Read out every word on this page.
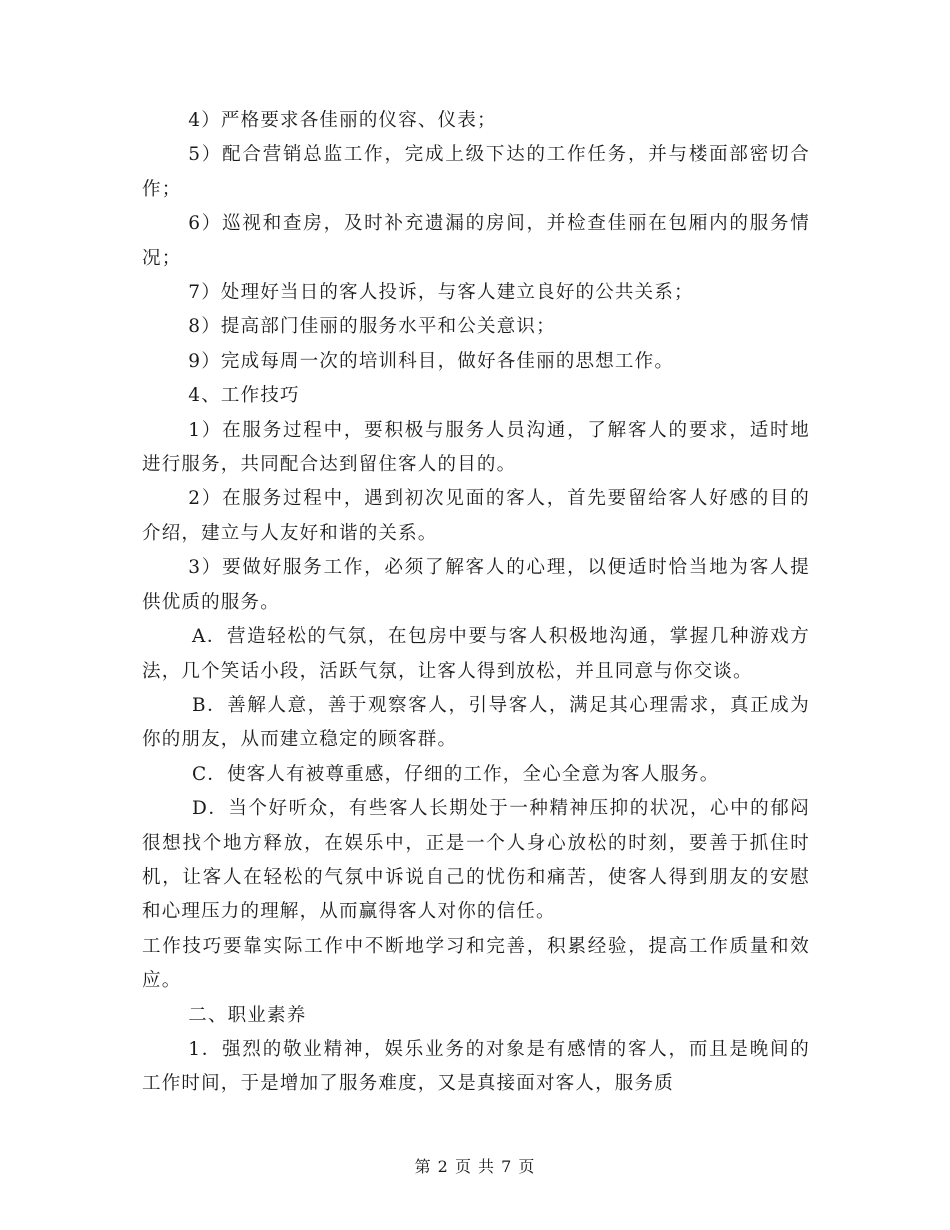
4）严格要求各佳丽的仪容、仪表；

5）配合营销总监工作，完成上级下达的工作任务，并与楼面部密切合作；

6）巡视和查房，及时补充遗漏的房间，并检查佳丽在包厢内的服务情况；

7）处理好当日的客人投诉，与客人建立良好的公共关系；

8）提高部门佳丽的服务水平和公关意识；

9）完成每周一次的培训科目，做好各佳丽的思想工作。

4、工作技巧

1）在服务过程中，要积极与服务人员沟通，了解客人的要求，适时地进行服务，共同配合达到留住客人的目的。

2）在服务过程中，遇到初次见面的客人，首先要留给客人好感的目的介绍，建立与人友好和谐的关系。

3）要做好服务工作，必须了解客人的心理，以便适时恰当地为客人提供优质的服务。

A．营造轻松的气氛，在包房中要与客人积极地沟通，掌握几种游戏方法，几个笑话小段，活跃气氛，让客人得到放松，并且同意与你交谈。

B．善解人意，善于观察客人，引导客人，满足其心理需求，真正成为你的朋友，从而建立稳定的顾客群。

C．使客人有被尊重感，仔细的工作，全心全意为客人服务。

D．当个好听众，有些客人长期处于一种精神压抑的状况，心中的郁闷很想找个地方释放，在娱乐中，正是一个人身心放松的时刻，要善于抓住时机，让客人在轻松的气氛中诉说自己的忧伤和痛苦，使客人得到朋友的安慰和心理压力的理解，从而赢得客人对你的信任。

工作技巧要靠实际工作中不断地学习和完善，积累经验，提高工作质量和效应。

二、职业素养

1．强烈的敬业精神，娱乐业务的对象是有感情的客人，而且是晚间的工作时间，于是增加了服务难度，又是真接面对客人，服务质

第 2 页 共 7 页
